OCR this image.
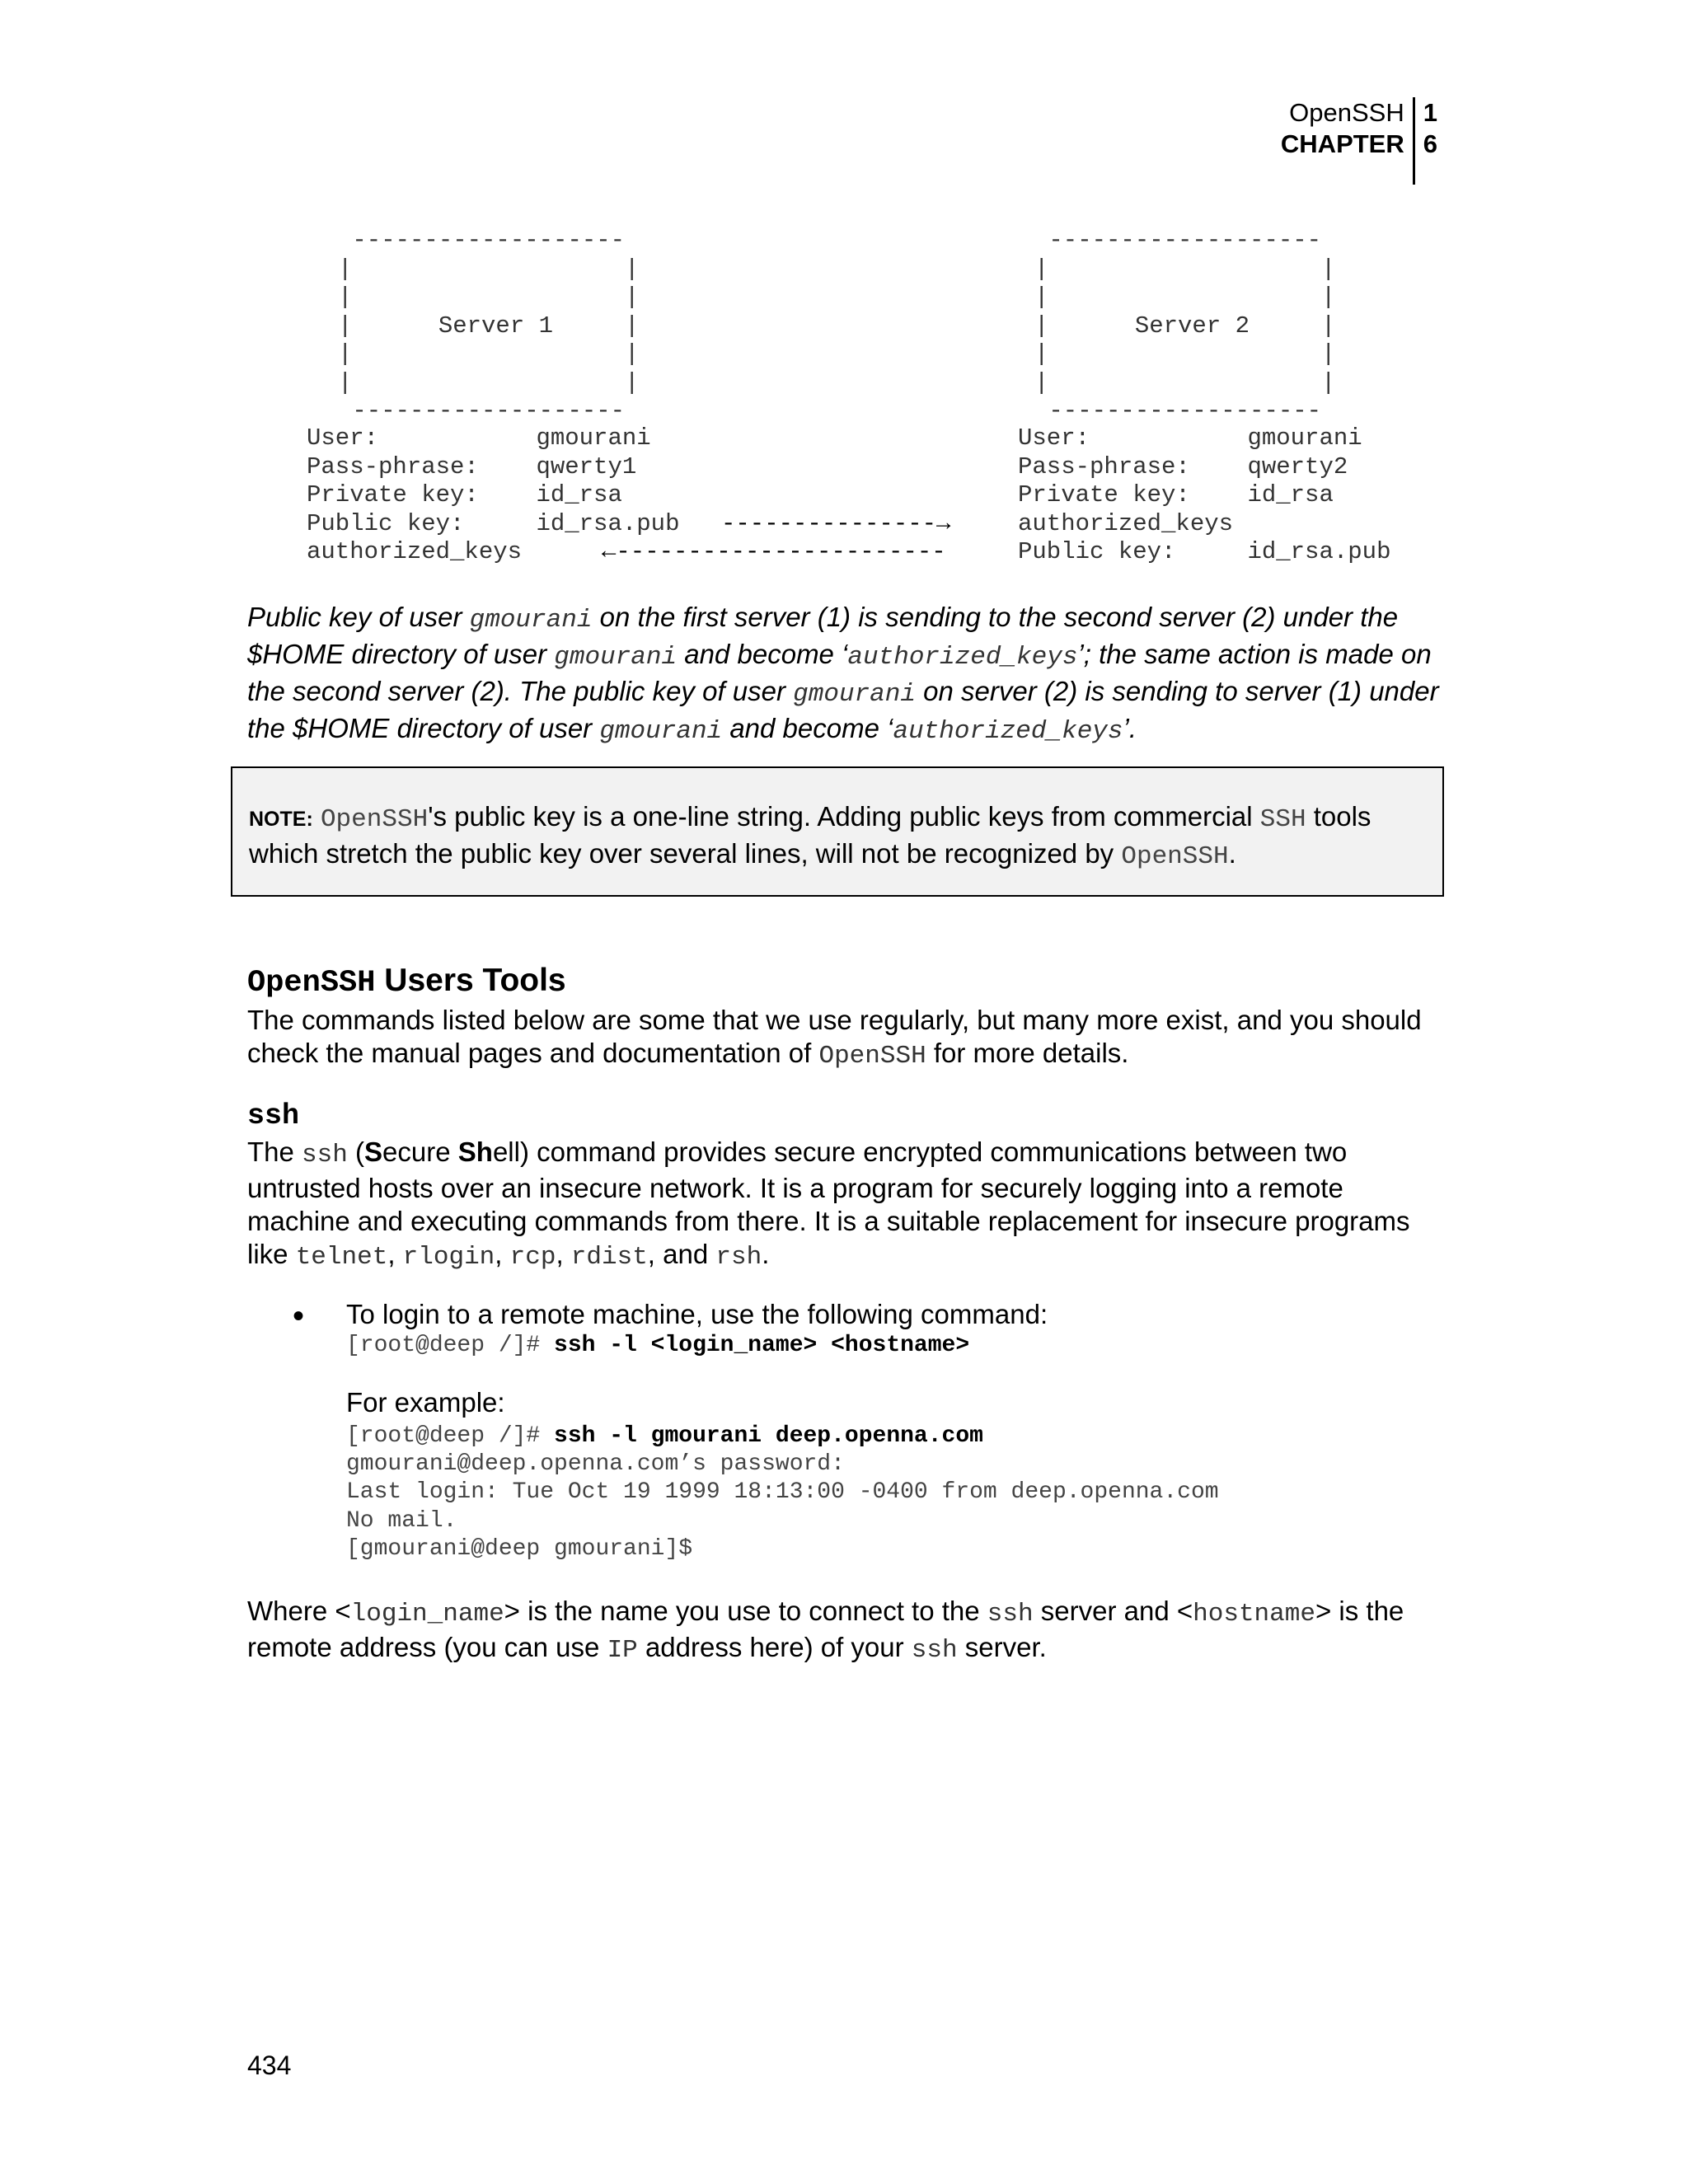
OpenSSH
CHAPTER
1
6
-------------------
|                   |
|                   |
|      Server 1     |
|                   |
|                   |
-------------------
-------------------
|                   |
|                   |
|      Server 2     |
|                   |
|                   |
-------------------
User:           gmourani
Pass-phrase:    qwerty1
Private key:    id_rsa
Public key:     id_rsa.pub
authorized_keys
User:           gmourani
Pass-phrase:    qwerty2
Private key:    id_rsa
authorized_keys
Public key:     id_rsa.pub
---------------→
←-----------------------
Public key of user gmourani on the first server (1) is sending to the second server (2) under the $HOME directory of user gmourani and become ‘authorized_keys’; the same action is made on the second server (2). The public key of user gmourani on server (2) is sending to server (1) under the $HOME directory of user gmourani and become ‘authorized_keys’.
NOTE: OpenSSH's public key is a one-line string. Adding public keys from commercial SSH tools which stretch the public key over several lines, will not be recognized by OpenSSH.
OpenSSH Users Tools
The commands listed below are some that we use regularly, but many more exist, and you should check the manual pages and documentation of OpenSSH for more details.
ssh
The ssh (Secure Shell) command provides secure encrypted communications between two untrusted hosts over an insecure network. It is a program for securely logging into a remote machine and executing commands from there. It is a suitable replacement for insecure programs like telnet, rlogin, rcp, rdist, and rsh.
• To login to a remote machine, use the following command:
[root@deep /]# ssh -l <login_name> <hostname>
For example:
[root@deep /]# ssh -l gmourani deep.openna.com
gmourani@deep.openna.com’s password:
Last login: Tue Oct 19 1999 18:13:00 -0400 from deep.openna.com
No mail.
[gmourani@deep gmourani]$
Where <login_name> is the name you use to connect to the ssh server and <hostname> is the remote address (you can use IP address here) of your ssh server.
434
